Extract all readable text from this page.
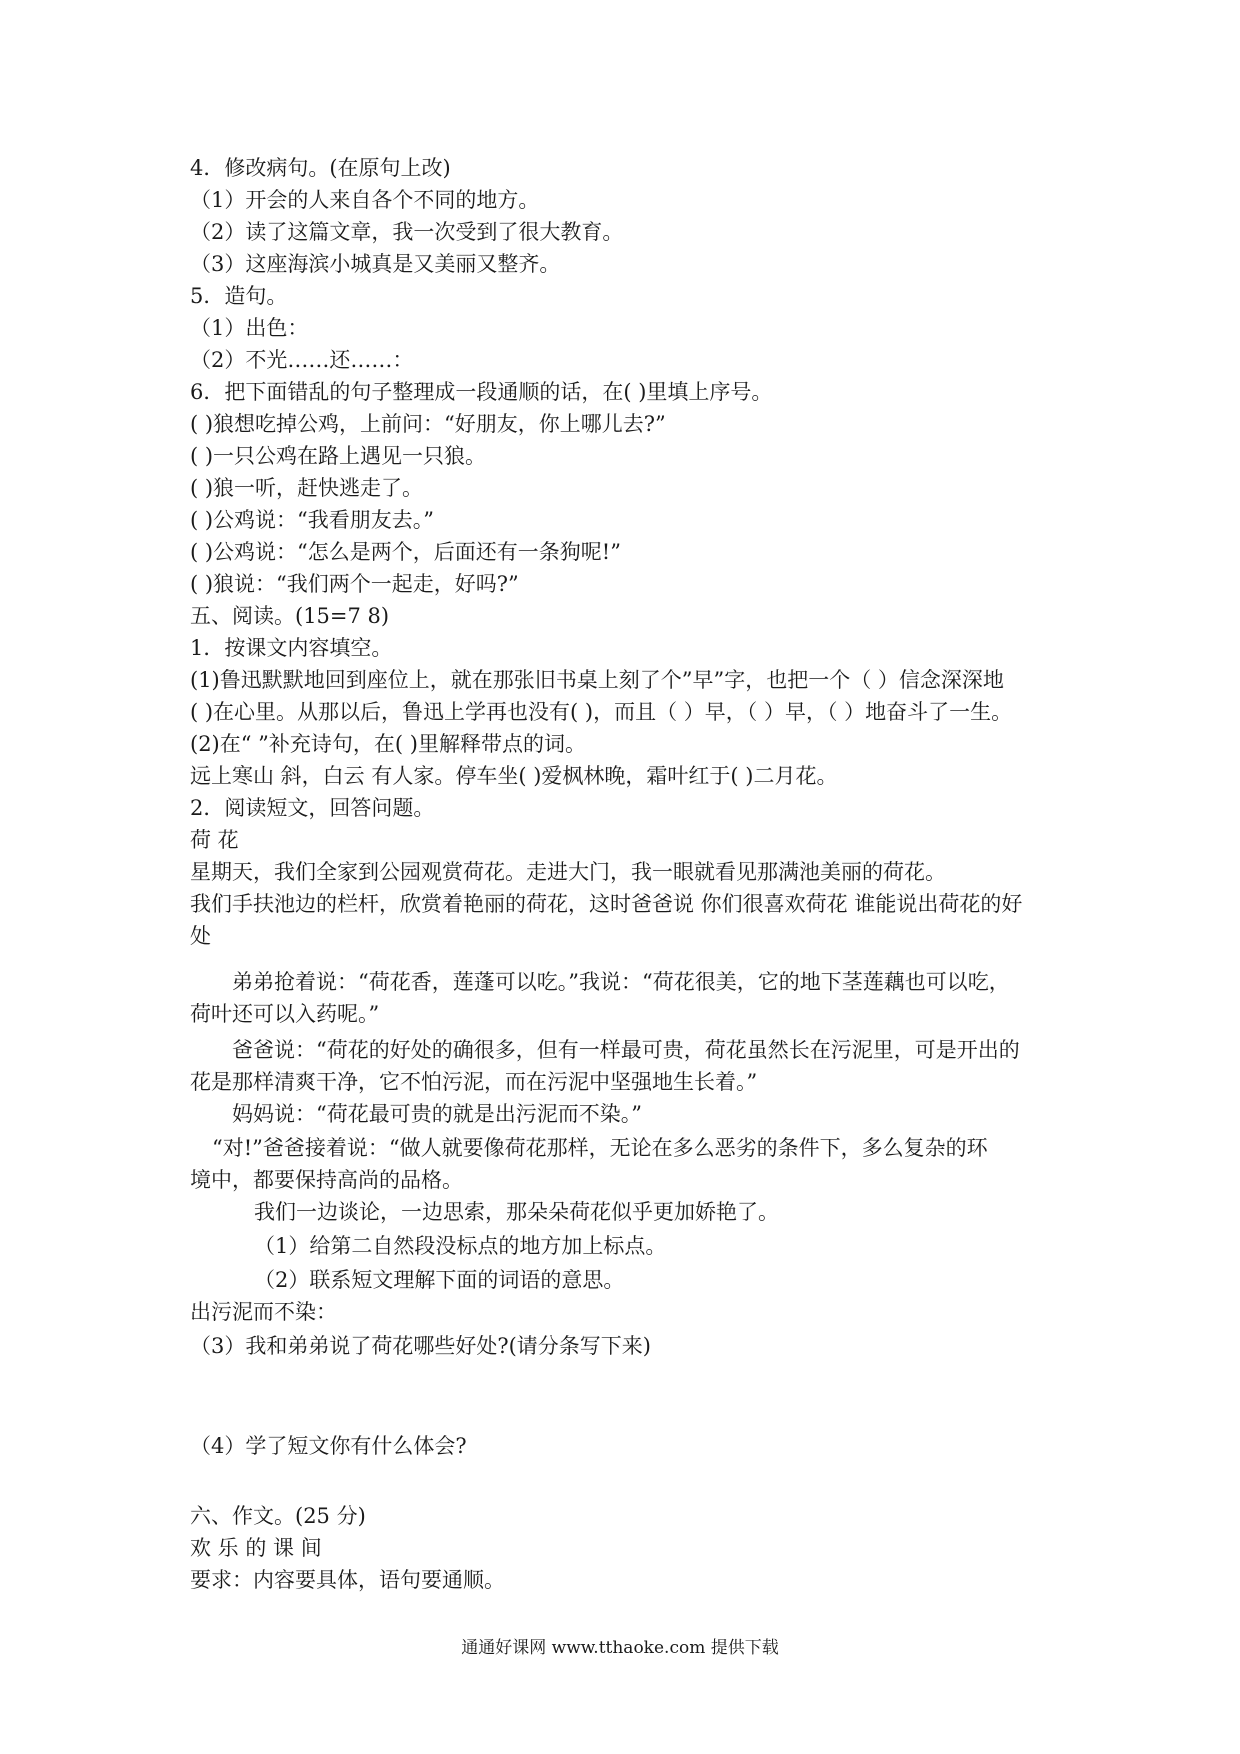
4．修改病句。(在原句上改)
（1）开会的人来自各个不同的地方。
（2）读了这篇文章，我一次受到了很大教育。
（3）这座海滨小城真是又美丽又整齐。
5．造句。
（1）出色：
（2）不光……还……：
6．把下面错乱的句子整理成一段通顺的话，在( )里填上序号。
( )狼想吃掉公鸡，上前问：“好朋友，你上哪儿去?”
( )一只公鸡在路上遇见一只狼。
( )狼一听，赶快逃走了。
( )公鸡说：“我看朋友去。”
( )公鸡说：“怎么是两个，后面还有一条狗呢!”
( )狼说：“我们两个一起走，好吗?”
五、阅读。(15=7 8)
1．按课文内容填空。
(1)鲁迅默默地回到座位上，就在那张旧书桌上刻了个”早”字，也把一个（ ）信念深深地
( )在心里。从那以后，鲁迅上学再也没有( )，而且（ ）早，（ ）早，（ ）地奋斗了一生。
(2)在“ ”补充诗句，在( )里解释带点的词。
远上寒山 斜，白云 有人家。停车坐( )爱枫林晚，霜叶红于( )二月花。
2．阅读短文，回答问题。
荷 花
星期天，我们全家到公园观赏荷花。走进大门，我一眼就看见那满池美丽的荷花。
我们手扶池边的栏杆，欣赏着艳丽的荷花，这时爸爸说 你们很喜欢荷花 谁能说出荷花的好
处
弟弟抢着说：“荷花香，莲蓬可以吃。”我说：“荷花很美，它的地下茎莲藕也可以吃，
荷叶还可以入药呢。”
爸爸说：“荷花的好处的确很多，但有一样最可贵，荷花虽然长在污泥里，可是开出的
花是那样清爽干净，它不怕污泥，而在污泥中坚强地生长着。”
妈妈说：“荷花最可贵的就是出污泥而不染。”
“对!”爸爸接着说：“做人就要像荷花那样，无论在多么恶劣的条件下，多么复杂的环
境中，都要保持高尚的品格。
我们一边谈论，一边思索，那朵朵荷花似乎更加娇艳了。
（1）给第二自然段没标点的地方加上标点。
（2）联系短文理解下面的词语的意思。
出污泥而不染：
（3）我和弟弟说了荷花哪些好处?(请分条写下来)
（4）学了短文你有什么体会?
六、作文。(25 分)
欢 乐 的 课 间
要求：内容要具体，语句要通顺。
通通好课网 www.tthaoke.com 提供下载
